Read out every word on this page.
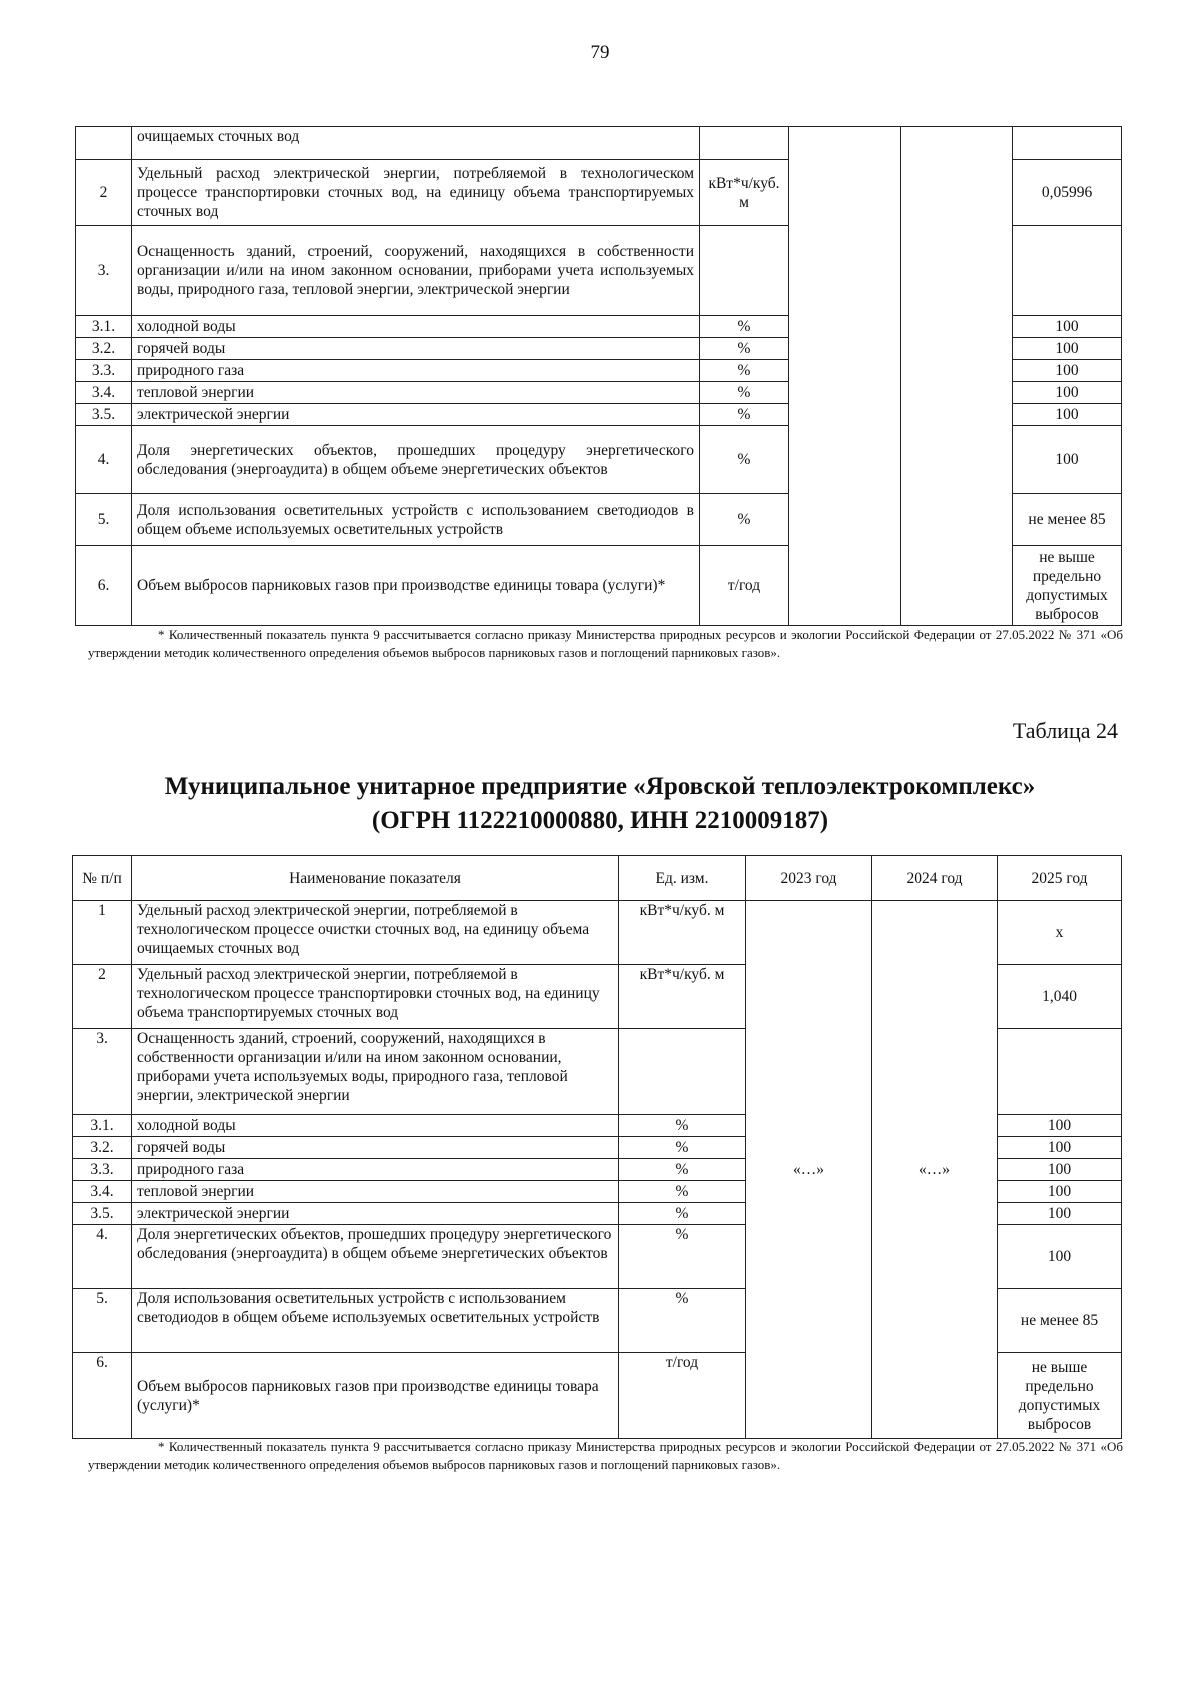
79
	очищаемых сточных вод				
2	Удельный расход электрической энергии, потребляемой в технологическом процессе транспортировки сточных вод, на единицу объема транспортируемых сточных вод	кВт*ч/куб. м			0,05996
3.	Оснащенность зданий, строений, сооружений, находящихся в собственности организации и/или на ином законном основании, приборами учета используемых воды, природного газа, тепловой энергии, электрической энергии				
3.1.	холодной воды	%			100
3.2.	горячей воды	%			100
3.3.	природного газа	%			100
3.4.	тепловой энергии	%			100
3.5.	электрической энергии	%			100
4.	Доля энергетических объектов, прошедших процедуру энергетического обследования (энергоаудита) в общем объеме энергетических объектов	%			100
5.	Доля использования осветительных устройств с использованием светодиодов в общем объеме используемых осветительных устройств	%			не менее 85
6.	Объем выбросов парниковых газов при производстве единицы товара (услуги)*	т/год			не выше предельно допустимых выбросов
* Количественный показатель пункта 9 рассчитывается согласно приказу Министерства природных ресурсов и экологии Российской Федерации от 27.05.2022 № 371 «Об утверждении методик количественного определения объемов выбросов парниковых газов и поглощений парниковых газов».
Таблица 24
Муниципальное унитарное предприятие «Яровской теплоэлектрокомплекс»
(ОГРН 1122210000880, ИНН 2210009187)
№ п/п	Наименование показателя	Ед. изм.	2023 год	2024 год	2025 год
1	Удельный расход электрической энергии, потребляемой в технологическом процессе очистки сточных вод, на единицу объема очищаемых сточных вод	кВт*ч/куб. м	«…»	«…»	х
2	Удельный расход электрической энергии, потребляемой в технологическом процессе транспортировки сточных вод, на единицу объема транспортируемых сточных вод	кВт*ч/куб. м			1,040
3.	Оснащенность зданий, строений, сооружений, находящихся в собственности организации и/или на ином законном основании, приборами учета используемых воды, природного газа, тепловой энергии, электрической энергии				
3.1.	холодной воды	%			100
3.2.	горячей воды	%			100
3.3.	природного газа	%			100
3.4.	тепловой энергии	%			100
3.5.	электрической энергии	%			100
4.	Доля энергетических объектов, прошедших процедуру энергетического обследования (энергоаудита) в общем объеме энергетических объектов	%			100
5.	Доля использования осветительных устройств с использованием светодиодов в общем объеме используемых осветительных устройств	%			не менее 85
6.	Объем выбросов парниковых газов при производстве единицы товара (услуги)*	т/год			не выше предельно допустимых выбросов
* Количественный показатель пункта 9 рассчитывается согласно приказу Министерства природных ресурсов и экологии Российской Федерации от 27.05.2022 № 371 «Об утверждении методик количественного определения объемов выбросов парниковых газов и поглощений парниковых газов».
